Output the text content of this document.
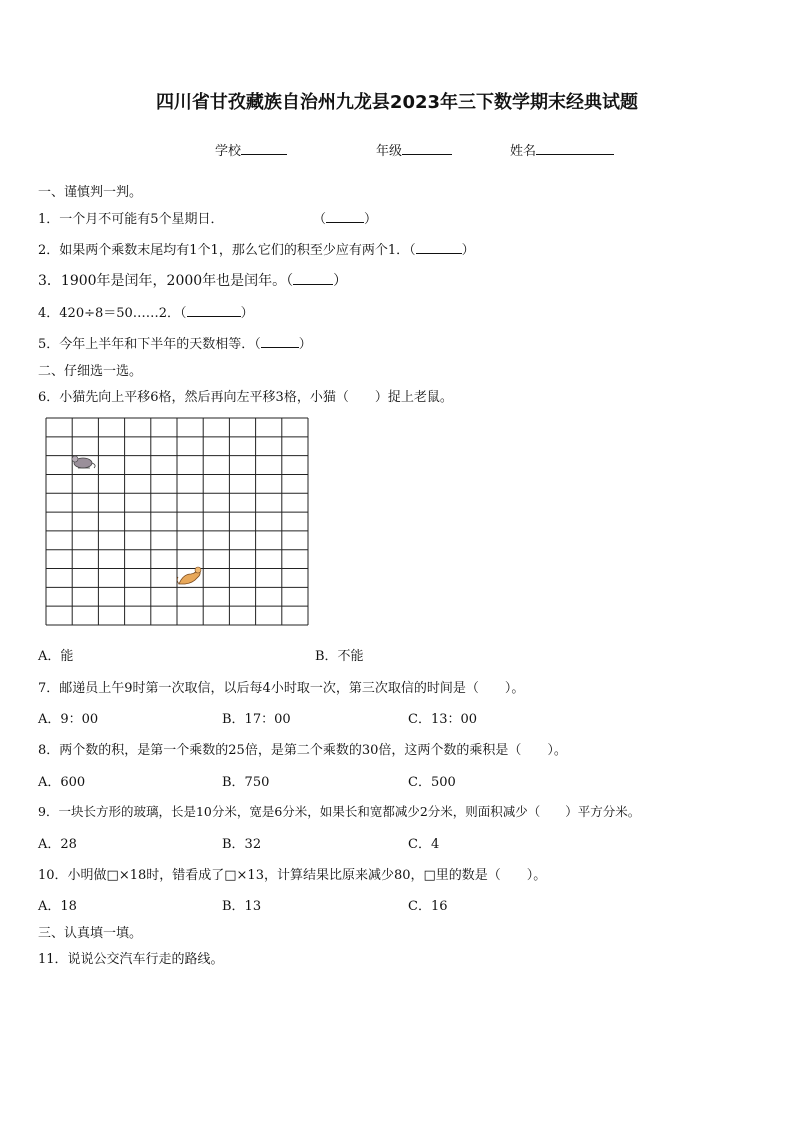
四川省甘孜藏族自治州九龙县2023年三下数学期末经典试题
学校	年级	姓名
一、谨慎判一判。
1．一个月不可能有5个星期日．	（	）
2．如果两个乘数末尾均有1个1，那么它们的积至少应有两个1．（	）
3．1900年是闰年，2000年也是闰年。（	）
4．420÷8＝50……2．（	）
5．今年上半年和下半年的天数相等．（	）
二、仔细选一选。
6．小猫先向上平移6格，然后再向左平移3格，小猫（　　）捉上老鼠。
A．能	B．不能
7．邮递员上午9时第一次取信，以后每4小时取一次，第三次取信的时间是（　　）。
A．9：00	B．17：00	C．13：00
8．两个数的积，是第一个乘数的25倍，是第二个乘数的30倍，这两个数的乘积是（　　）。
A．600	B．750	C．500
9．一块长方形的玻璃，长是10分米，宽是6分米，如果长和宽都减少2分米，则面积减少（　　）平方分米。
A．28	B．32	C．4
10．小明做□×18时，错看成了□×13，计算结果比原来减少80，□里的数是（　　）。
A．18	B．13	C．16
三、认真填一填。
11．说说公交汽车行走的路线。
